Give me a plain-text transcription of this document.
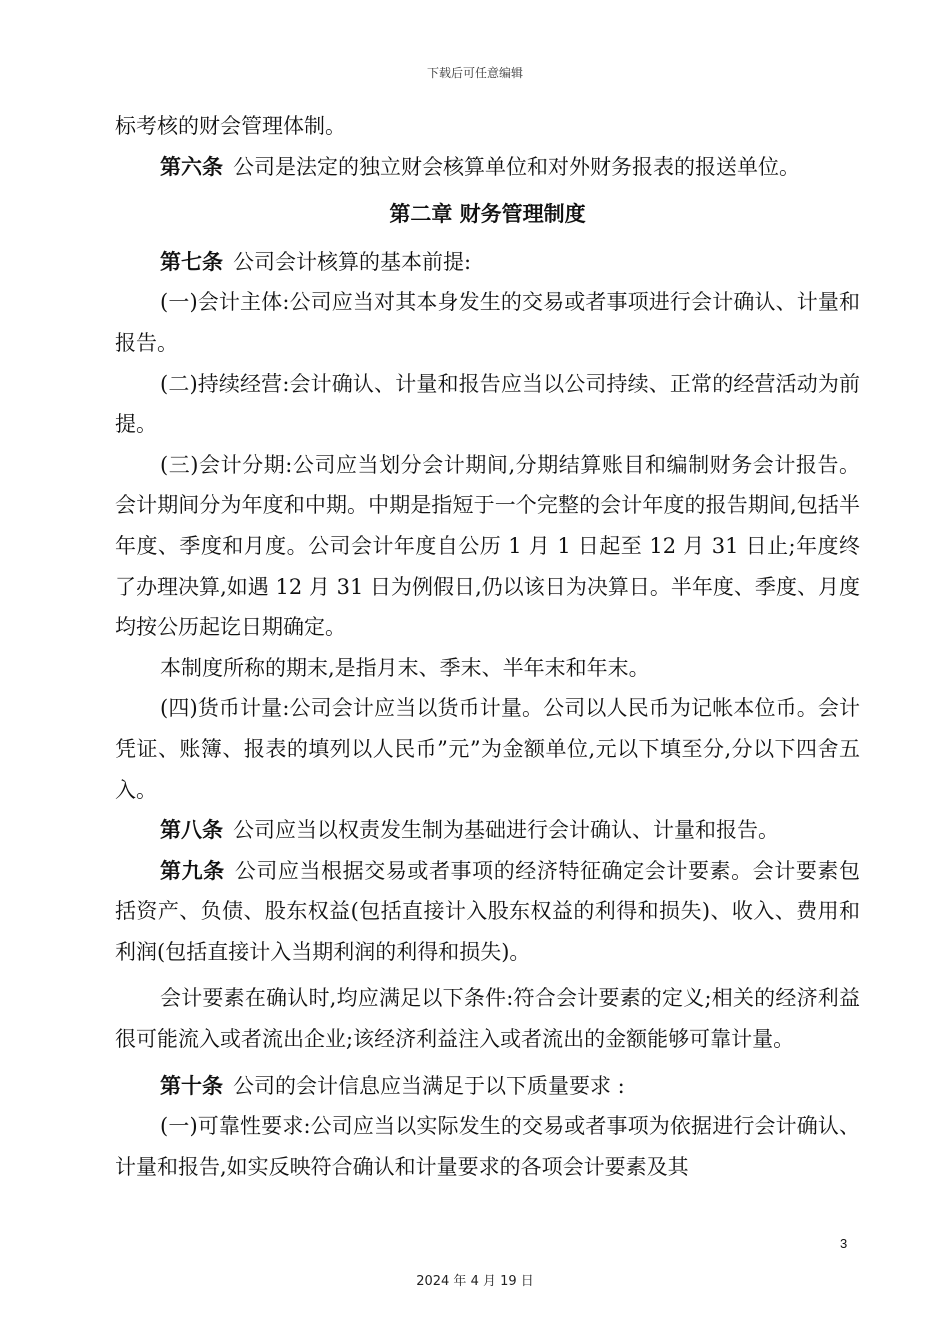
下载后可任意编辑

标考核的财会管理体制。

第六条 公司是法定的独立财会核算单位和对外财务报表的报送单位。

第二章 财务管理制度

第七条 公司会计核算的基本前提:

(一)会计主体:公司应当对其本身发生的交易或者事项进行会计确认、计量和报告。

(二)持续经营:会计确认、计量和报告应当以公司持续、正常的经营活动为前提。

(三)会计分期:公司应当划分会计期间,分期结算账目和编制财务会计报告。会计期间分为年度和中期。中期是指短于一个完整的会计年度的报告期间,包括半年度、季度和月度。公司会计年度自公历 1 月 1 日起至 12 月 31 日止;年度终了办理决算,如遇 12 月 31 日为例假日,仍以该日为决算日。半年度、季度、月度均按公历起讫日期确定。

本制度所称的期末,是指月末、季末、半年末和年末。

(四)货币计量:公司会计应当以货币计量。公司以人民币为记帐本位币。会计凭证、账簿、报表的填列以人民币”元”为金额单位,元以下填至分,分以下四舍五入。

第八条 公司应当以权责发生制为基础进行会计确认、计量和报告。

第九条 公司应当根据交易或者事项的经济特征确定会计要素。会计要素包括资产、负债、股东权益(包括直接计入股东权益的利得和损失)、收入、费用和利润(包括直接计入当期利润的利得和损失)。

会计要素在确认时,均应满足以下条件:符合会计要素的定义;相关的经济利益很可能流入或者流出企业;该经济利益注入或者流出的金额能够可靠计量。

第十条 公司的会计信息应当满足于以下质量要求 :

(一)可靠性要求:公司应当以实际发生的交易或者事项为依据进行会计确认、计量和报告,如实反映符合确认和计量要求的各项会计要素及其

3
2024 年 4 月 19 日
